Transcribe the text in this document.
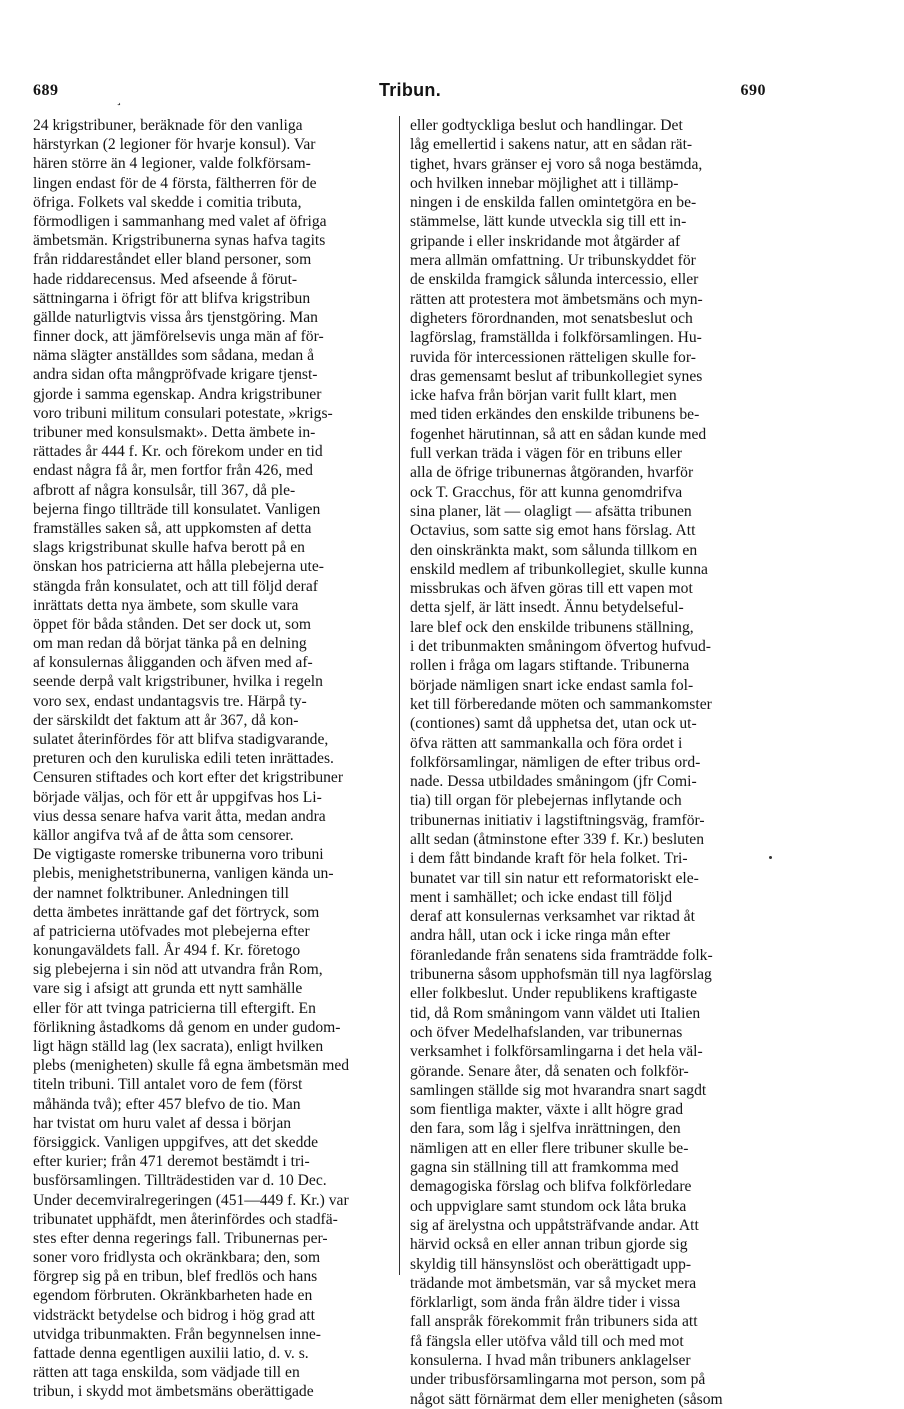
689	¸	Tribun.	690
24 krigstribuner, beräknade för den vanliga
härstyrkan (2 legioner för hvarje konsul). Var
hären större än 4 legioner, valde folkförsam-
lingen endast för de 4 första, fältherren för de
öfriga. Folkets val skedde i comitia tributa,
förmodligen i sammanhang med valet af öfriga
ämbetsmän. Krigstribunerna synas hafva tagits
från riddareståndet eller bland personer, som
hade riddarecensus. Med afseende å förut-
sättningarna i öfrigt för att blifva krigstribun
gällde naturligtvis vissa års tjenstgöring. Man
finner dock, att jämförelsevis unga män af för-
näma slägter anställdes som sådana, medan å
andra sidan ofta mångpröfvade krigare tjenst-
gjorde i samma egenskap. Andra krigstribuner
voro tribuni militum consulari potestate, »krigs-
tribuner med konsulsmakt». Detta ämbete in-
rättades år 444 f. Kr. och förekom under en tid
endast några få år, men fortfor från 426, med
afbrott af några konsulsår, till 367, då ple-
bejerna fingo tillträde till konsulatet. Vanligen
framställes saken så, att uppkomsten af detta
slags krigstribunat skulle hafva berott på en
önskan hos patricierna att hålla plebejerna ute-
stängda från konsulatet, och att till följd deraf
inrättats detta nya ämbete, som skulle vara
öppet för båda stånden. Det ser dock ut, som
om man redan då börjat tänka på en delning
af konsulernas åligganden och äfven med af-
seende derpå valt krigstribuner, hvilka i regeln
voro sex, endast undantagsvis tre. Härpå ty-
der särskildt det faktum att år 367, då kon-
sulatet återinfördes för att blifva stadigvarande,
preturen och den kuruliska edili teten inrättades.
Censuren stiftades och kort efter det krigstribuner
började väljas, och för ett år uppgifvas hos Li-
vius dessa senare hafva varit åtta, medan andra
källor angifva två af de åtta som censorer.
De vigtigaste romerske tribunerna voro tribuni
plebis, menighetstribunerna, vanligen kända un-
der namnet folktribuner. Anledningen till
detta ämbetes inrättande gaf det förtryck, som
af patricierna utöfvades mot plebejerna efter
konungaväldets fall. År 494 f. Kr. företogo
sig plebejerna i sin nöd att utvandra från Rom,
vare sig i afsigt att grunda ett nytt samhälle
eller för att tvinga patricierna till eftergift. En
förlikning åstadkoms då genom en under gudom-
ligt hägn ställd lag (lex sacrata), enligt hvilken
plebs (menigheten) skulle få egna ämbetsmän med
titeln tribuni. Till antalet voro de fem (först
måhända två); efter 457 blefvo de tio. Man
har tvistat om huru valet af dessa i början
försiggick. Vanligen uppgifves, att det skedde
efter kurier; från 471 deremot bestämdt i tri-
busförsamlingen. Tillträdestiden var d. 10 Dec.
Under decemviralregeringen (451—449 f. Kr.) var
tribunatet upphäfdt, men återinfördes och stadfä-
stes efter denna regerings fall. Tribunernas per-
soner voro fridlysta och okränkbara; den, som
förgrep sig på en tribun, blef fredlös och hans
egendom förbruten. Okränkbarheten hade en
vidsträckt betydelse och bidrog i hög grad att
utvidga tribunmakten. Från begynnelsen inne-
fattade denna egentligen auxilii latio, d. v. s.
rätten att taga enskilda, som vädjade till en
tribun, i skydd mot ämbetsmäns oberättigade
eller godtyckliga beslut och handlingar. Det
låg emellertid i sakens natur, att en sådan rät-
tighet, hvars gränser ej voro så noga bestämda,
och hvilken innebar möjlighet att i tillämp-
ningen i de enskilda fallen omintetgöra en be-
stämmelse, lätt kunde utveckla sig till ett in-
gripande i eller inskridande mot åtgärder af
mera allmän omfattning. Ur tribunskyddet för
de enskilda framgick sålunda intercessio, eller
rätten att protestera mot ämbetsmäns och myn-
digheters förordnanden, mot senatsbeslut och
lagförslag, framställda i folkförsamlingen. Hu-
ruvida för intercessionen rätteligen skulle for-
dras gemensamt beslut af tribunkollegiet synes
icke hafva från början varit fullt klart, men
med tiden erkändes den enskilde tribunens be-
fogenhet härutinnan, så att en sådan kunde med
full verkan träda i vägen för en tribuns eller
alla de öfrige tribunernas åtgöranden, hvarför
ock T. Gracchus, för att kunna genomdrifva
sina planer, lät — olagligt — afsätta tribunen
Octavius, som satte sig emot hans förslag. Att
den oinskränkta makt, som sålunda tillkom en
enskild medlem af tribunkollegiet, skulle kunna
missbrukas och äfven göras till ett vapen mot
detta sjelf, är lätt insedt. Ännu betydelseful-
lare blef ock den enskilde tribunens ställning,
i det tribunmakten småningom öfvertog hufvud-
rollen i fråga om lagars stiftande. Tribunerna
började nämligen snart icke endast samla fol-
ket till förberedande möten och sammankomster
(contiones) samt då upphetsa det, utan ock ut-
öfva rätten att sammankalla och föra ordet i
folkförsamlingar, nämligen de efter tribus ord-
nade. Dessa utbildades småningom (jfr Comi-
tia) till organ för plebejernas inflytande och
tribunernas initiativ i lagstiftningsväg, framför-
allt sedan (åtminstone efter 339 f. Kr.) besluten
i dem fått bindande kraft för hela folket. Tri-
bunatet var till sin natur ett reformatoriskt ele-
ment i samhället; och icke endast till följd
deraf att konsulernas verksamhet var riktad åt
andra håll, utan ock i icke ringa mån efter
föranledande från senatens sida framträdde folk-
tribunerna såsom upphofsmän till nya lagförslag
eller folkbeslut. Under republikens kraftigaste
tid, då Rom småningom vann väldet uti Italien
och öfver Medelhafslanden, var tribunernas
verksamhet i folkförsamlingarna i det hela väl-
görande. Senare åter, då senaten och folkför-
samlingen ställde sig mot hvarandra snart sagdt
som fientliga makter, växte i allt högre grad
den fara, som låg i sjelfva inrättningen, den
nämligen att en eller flere tribuner skulle be-
gagna sin ställning till att framkomma med
demagogiska förslag och blifva folkförledare
och uppviglare samt stundom ock låta bruka
sig af ärelystna och uppåtsträfvande andar. Att
härvid också en eller annan tribun gjorde sig
skyldig till hänsynslöst och oberättigadt upp-
trädande mot ämbetsmän, var så mycket mera
förklarligt, som ända från äldre tider i vissa
fall anspråk förekommit från tribuners sida att
få fängsla eller utöfva våld till och med mot
konsulerna. I hvad mån tribuners anklagelser
under tribusförsamlingarna mot person, som på
något sätt förnärmat dem eller menigheten (såsom
